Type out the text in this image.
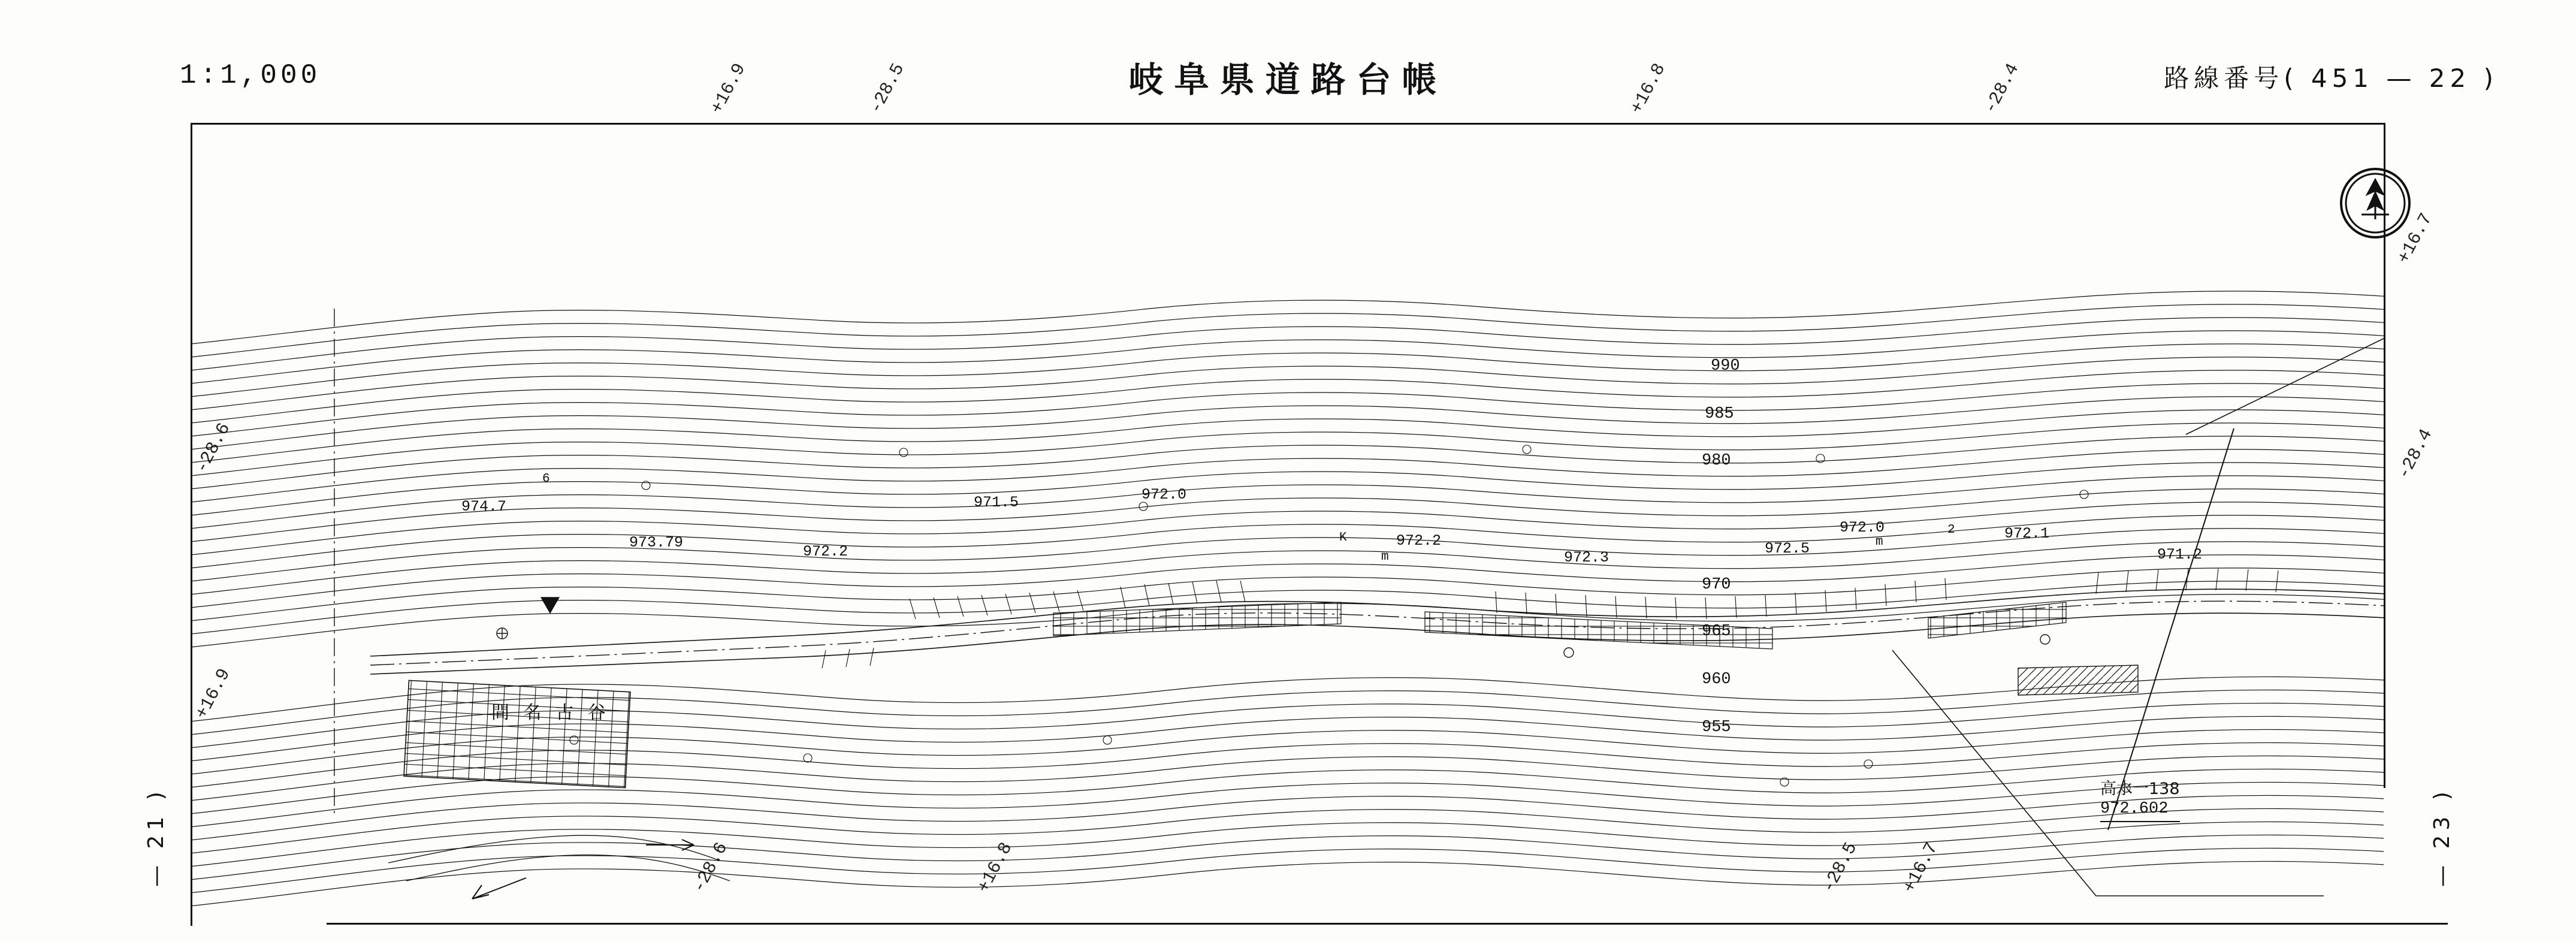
1:1,000	岐阜県道路台帳	路線番号( 451 — 22 )
— 21 )	— 23 )
+16.9	-28.5	+16.8	-28.4
-28.6
+16.9
+16.7
-28.4
-28.6	+16.8	-28.5 +16.7
990
985
980
970
965
960
955
974.7
973.79
972.2
971.5	972.0
972.2
972.3
972.5
972.0	972.1
971.2
6
K
2
m
m
間 名 古 谷
高水一138
972.602
